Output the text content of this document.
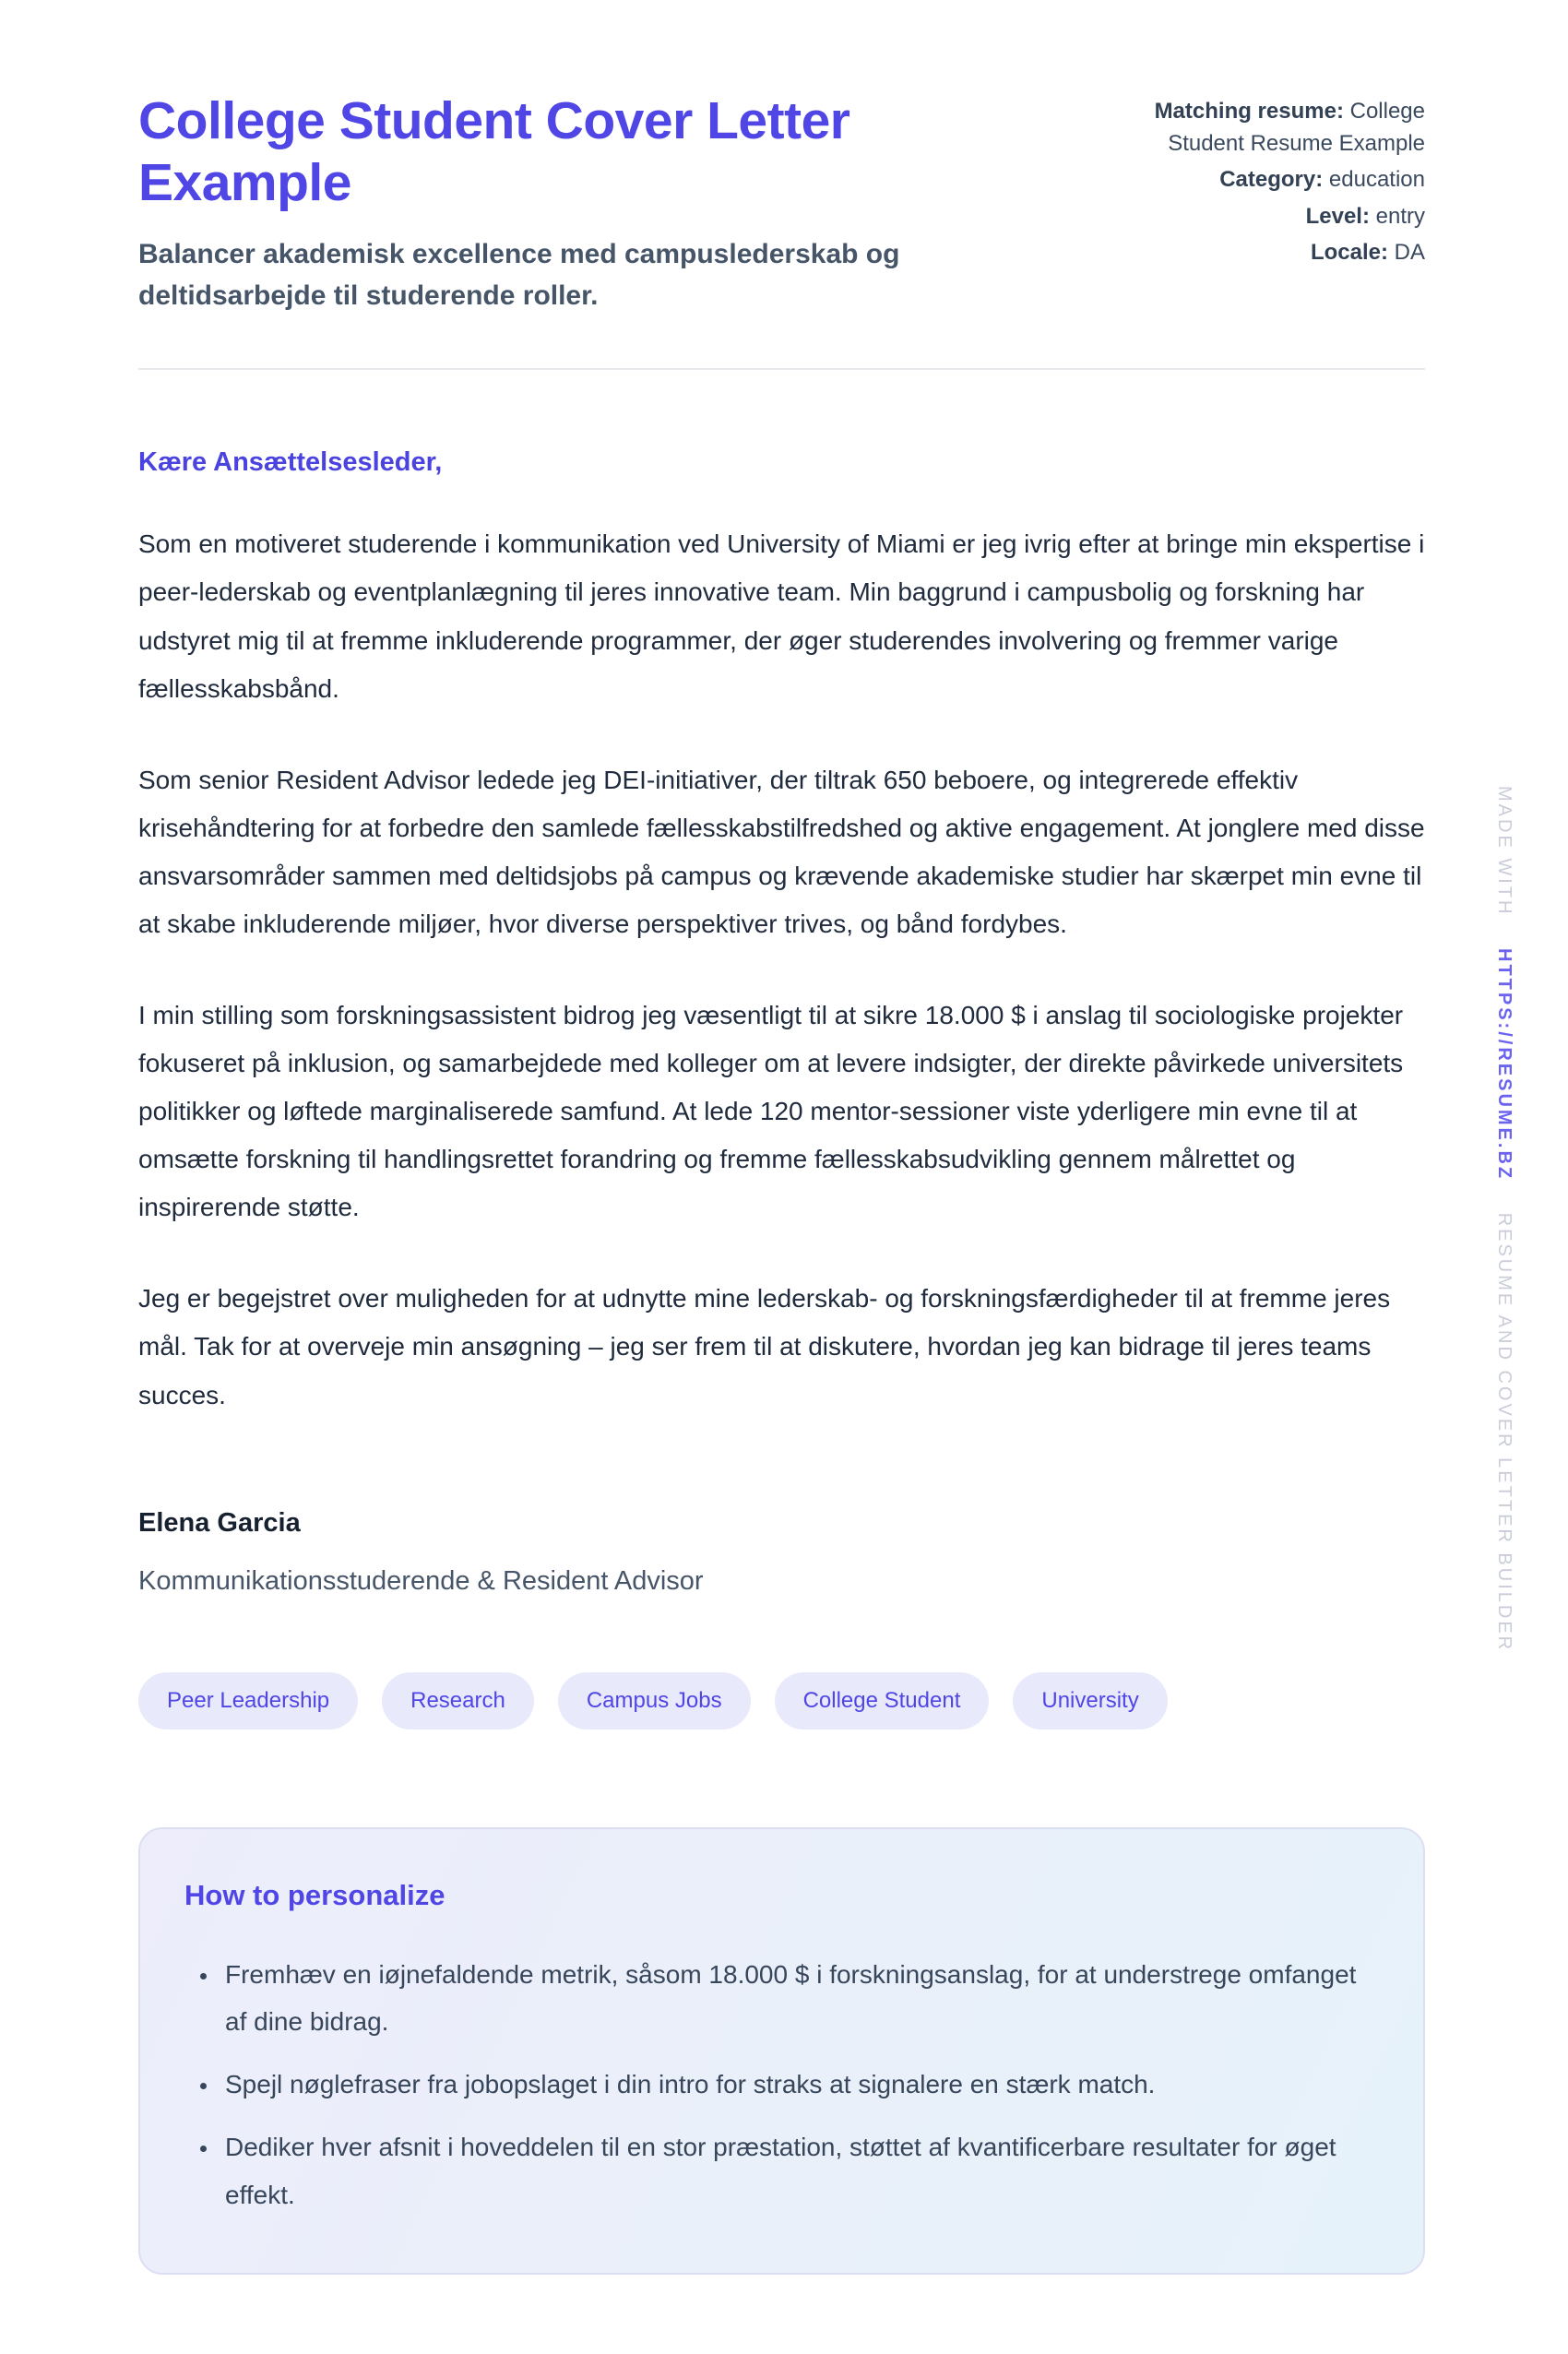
College Student Cover Letter Example
Balancer akademisk excellence med campuslederskab og deltidsarbejde til studerende roller.
Matching resume: College Student Resume Example
Category: education
Level: entry
Locale: DA

Kære Ansættelsesleder,

Som en motiveret studerende i kommunikation ved University of Miami er jeg ivrig efter at bringe min ekspertise i peer-lederskab og eventplanlægning til jeres innovative team. Min baggrund i campusbolig og forskning har udstyret mig til at fremme inkluderende programmer, der øger studerendes involvering og fremmer varige fællesskabsbånd.

Som senior Resident Advisor ledede jeg DEI-initiativer, der tiltrak 650 beboere, og integrerede effektiv krisehåndtering for at forbedre den samlede fællesskabstilfredshed og aktive engagement. At jonglere med disse ansvarsområder sammen med deltidsjobs på campus og krævende akademiske studier har skærpet min evne til at skabe inkluderende miljøer, hvor diverse perspektiver trives, og bånd fordybes.

I min stilling som forskningsassistent bidrog jeg væsentligt til at sikre 18.000 $ i anslag til sociologiske projekter fokuseret på inklusion, og samarbejdede med kolleger om at levere indsigter, der direkte påvirkede universitets politikker og løftede marginaliserede samfund. At lede 120 mentor-sessioner viste yderligere min evne til at omsætte forskning til handlingsrettet forandring og fremme fællesskabsudvikling gennem målrettet og inspirerende støtte.

Jeg er begejstret over muligheden for at udnytte mine lederskab- og forskningsfærdigheder til at fremme jeres mål. Tak for at overveje min ansøgning – jeg ser frem til at diskutere, hvordan jeg kan bidrage til jeres teams succes.

Elena Garcia
Kommunikationsstuderende & Resident Advisor
Peer Leadership	Research	Campus Jobs	College Student	University
How to personalize
• Fremhæv en iøjnefaldende metrik, såsom 18.000 $ i forskningsanslag, for at understrege omfanget af dine bidrag.
• Spejl nøglefraser fra jobopslaget i din intro for straks at signalere en stærk match.
• Dediker hver afsnit i hoveddelen til en stor præstation, støttet af kvantificerbare resultater for øget effekt.
MADE WITH HTTPS://RESUME.BZ RESUME AND COVER LETTER BUILDER
